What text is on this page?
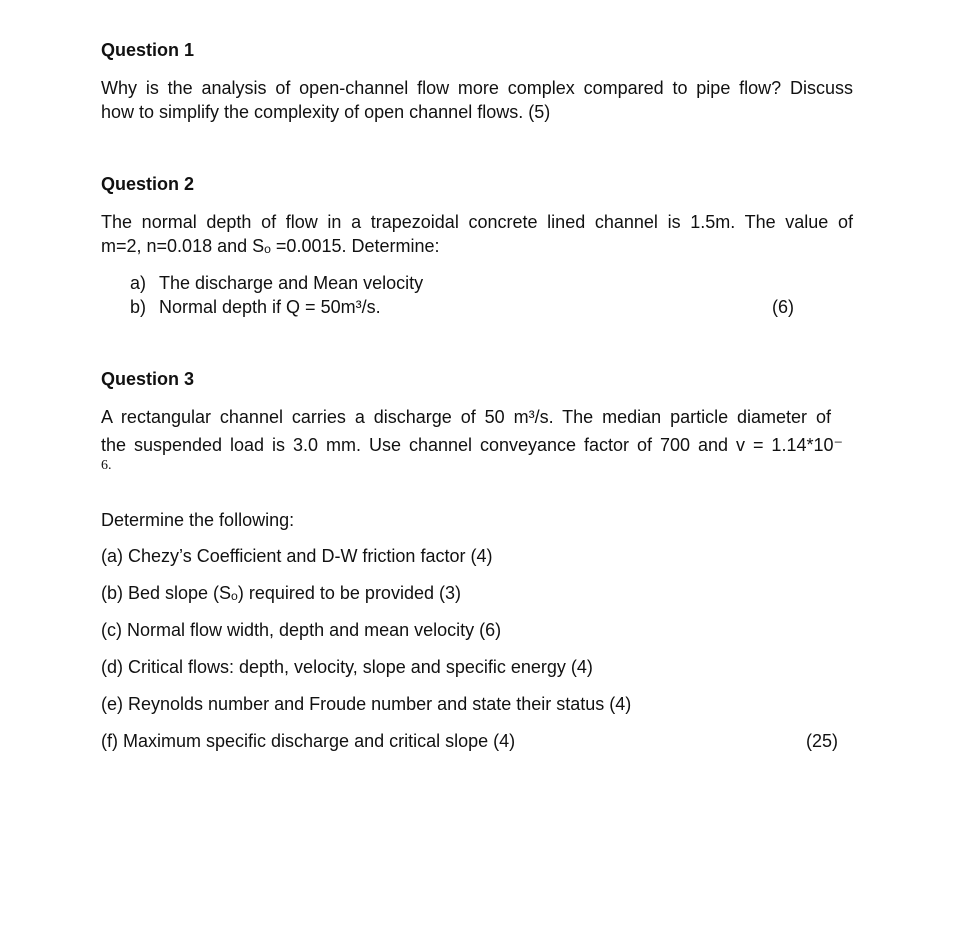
Question 1
Why is the analysis of open-channel flow more complex compared to pipe flow? Discuss
how to simplify the complexity of open channel flows. (5)
Question 2
The normal depth of flow in a trapezoidal concrete lined channel is 1.5m. The value of
m=2, n=0.018 and Sₒ =0.0015. Determine:
a) The discharge and Mean velocity
b) Normal depth if Q = 50m³/s.	(6)
Question 3
A rectangular channel carries a discharge of 50 m³/s. The median particle diameter of
the suspended load is 3.0 mm. Use channel conveyance factor of 700 and v = 1.14*10⁻
6.
Determine the following:
(a) Chezy’s Coefficient and D-W friction factor (4)
(b) Bed slope (Sₒ) required to be provided (3)
(c) Normal flow width, depth and mean velocity (6)
(d) Critical flows: depth, velocity, slope and specific energy (4)
(e) Reynolds number and Froude number and state their status (4)
(f) Maximum specific discharge and critical slope (4)	(25)
